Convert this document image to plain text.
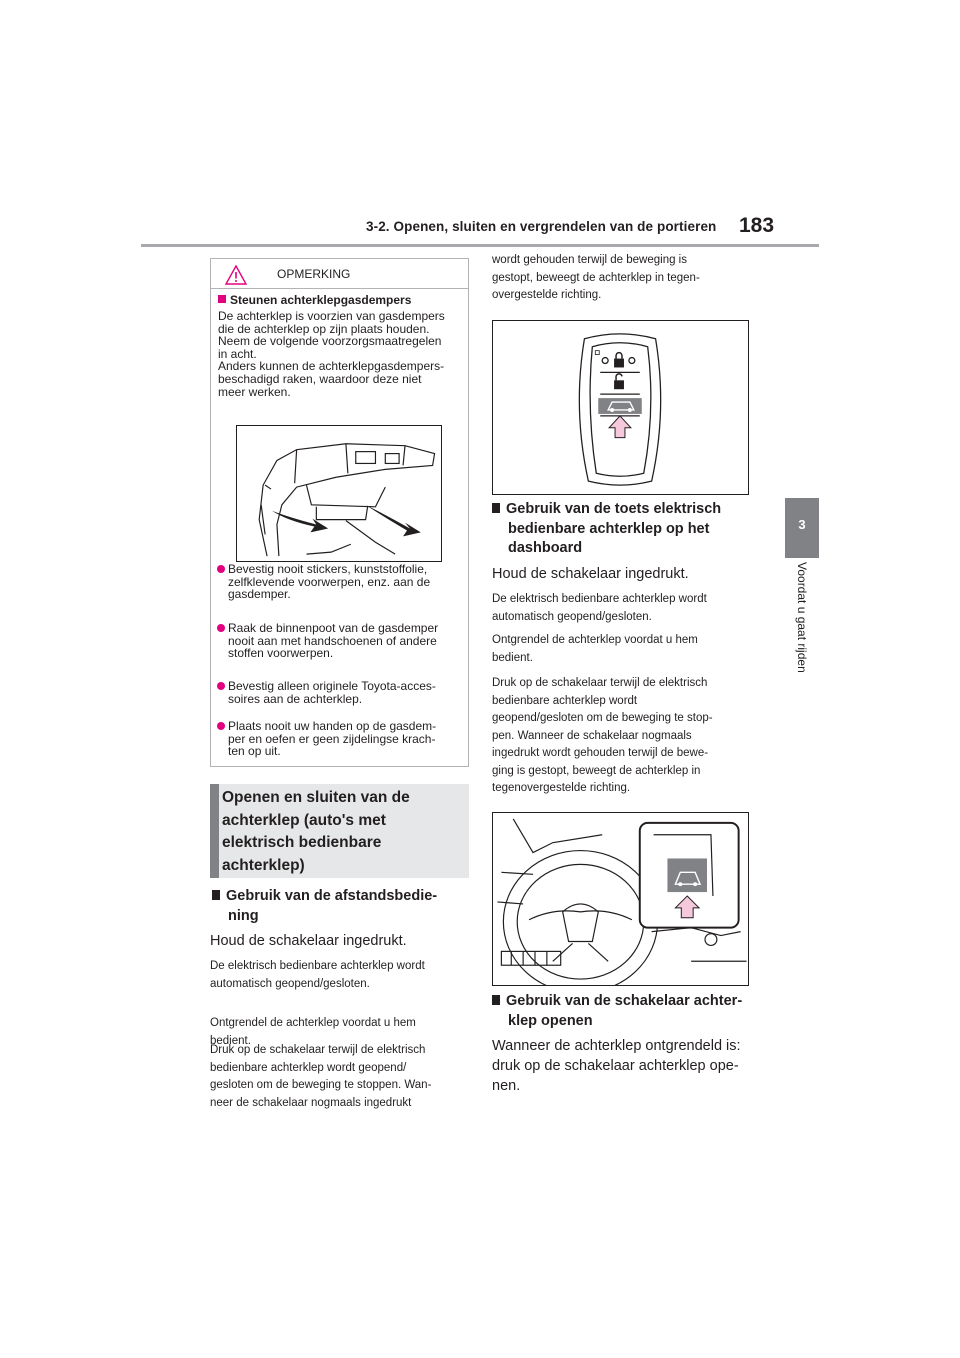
3-2. Openen, sluiten en vergrendelen van de portieren 183
3
Voordat u gaat rijden
OPMERKING
Steunen achterklepgasdempers
De achterklep is voorzien van gasdempers
die de achterklep op zijn plaats houden.
Neem de volgende voorzorgsmaatregelen
in acht.
Anders kunnen de achterklepgasdempers-
beschadigd raken, waardoor deze niet
meer werken.
Bevestig nooit stickers, kunststoffolie,
zelfklevende voorwerpen, enz. aan de
gasdemper.
Raak de binnenpoot van de gasdemper
nooit aan met handschoenen of andere
stoffen voorwerpen.
Bevestig alleen originele Toyota-acces-
soires aan de achterklep.
Plaats nooit uw handen op de gasdem-
per en oefen er geen zijdelingse krach-
ten op uit.
Openen en sluiten van de
achterklep (auto's met
elektrisch bedienbare
achterklep)
Gebruik van de afstandsbedie-
ning
Houd de schakelaar ingedrukt.
De elektrisch bedienbare achterklep wordt
automatisch geopend/gesloten.
Ontgrendel de achterklep voordat u hem
bedient.
Druk op de schakelaar terwijl de elektrisch
bedienbare achterklep wordt geopend/
gesloten om de beweging te stoppen. Wan-
neer de schakelaar nogmaals ingedrukt
wordt gehouden terwijl de beweging is
gestopt, beweegt de achterklep in tegen-
overgestelde richting.
Gebruik van de toets elektrisch
bedienbare achterklep op het
dashboard
Houd de schakelaar ingedrukt.
De elektrisch bedienbare achterklep wordt
automatisch geopend/gesloten.
Ontgrendel de achterklep voordat u hem
bedient.
Druk op de schakelaar terwijl de elektrisch
bedienbare achterklep wordt
geopend/gesloten om de beweging te stop-
pen. Wanneer de schakelaar nogmaals
ingedrukt wordt gehouden terwijl de bewe-
ging is gestopt, beweegt de achterklep in
tegenovergestelde richting.
Gebruik van de schakelaar achter-
klep openen
Wanneer de achterklep ontgrendeld is:
druk op de schakelaar achterklep ope-
nen.
